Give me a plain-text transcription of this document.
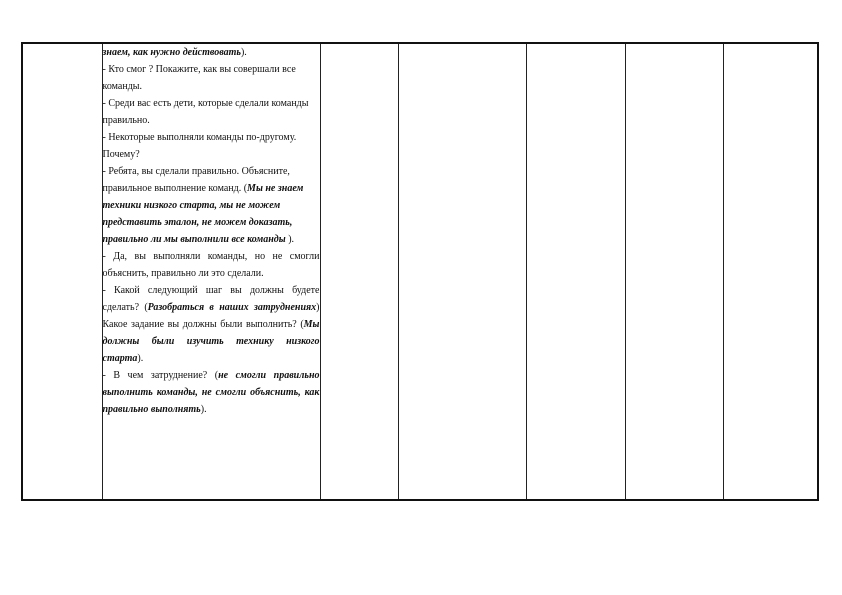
знаем, как нужно действовать).

- Кто смог ? Покажите, как вы совершали все команды.

- Среди вас есть дети, которые сделали команды правильно.

- Некоторые выполняли команды по-другому. Почему?

- Ребята, вы сделали правильно. Объясните, правильное выполнение команд. (Мы не знаем техники низкого старта, мы не можем представить эталон, не можем доказать, правильно ли мы выполнили все команды ).

- Да, вы выполняли команды, но не смогли объяснить, правильно ли это сделали.

- Какой следующий шаг вы должны будете сделать? (Разобраться в наших затруднениях) Какое задание вы должны были выполнить? (Мы должны были изучить технику низкого старта).

- В чем затруднение? (не смогли правильно выполнить команды, не смогли объяснить, как правильно выполнять).
